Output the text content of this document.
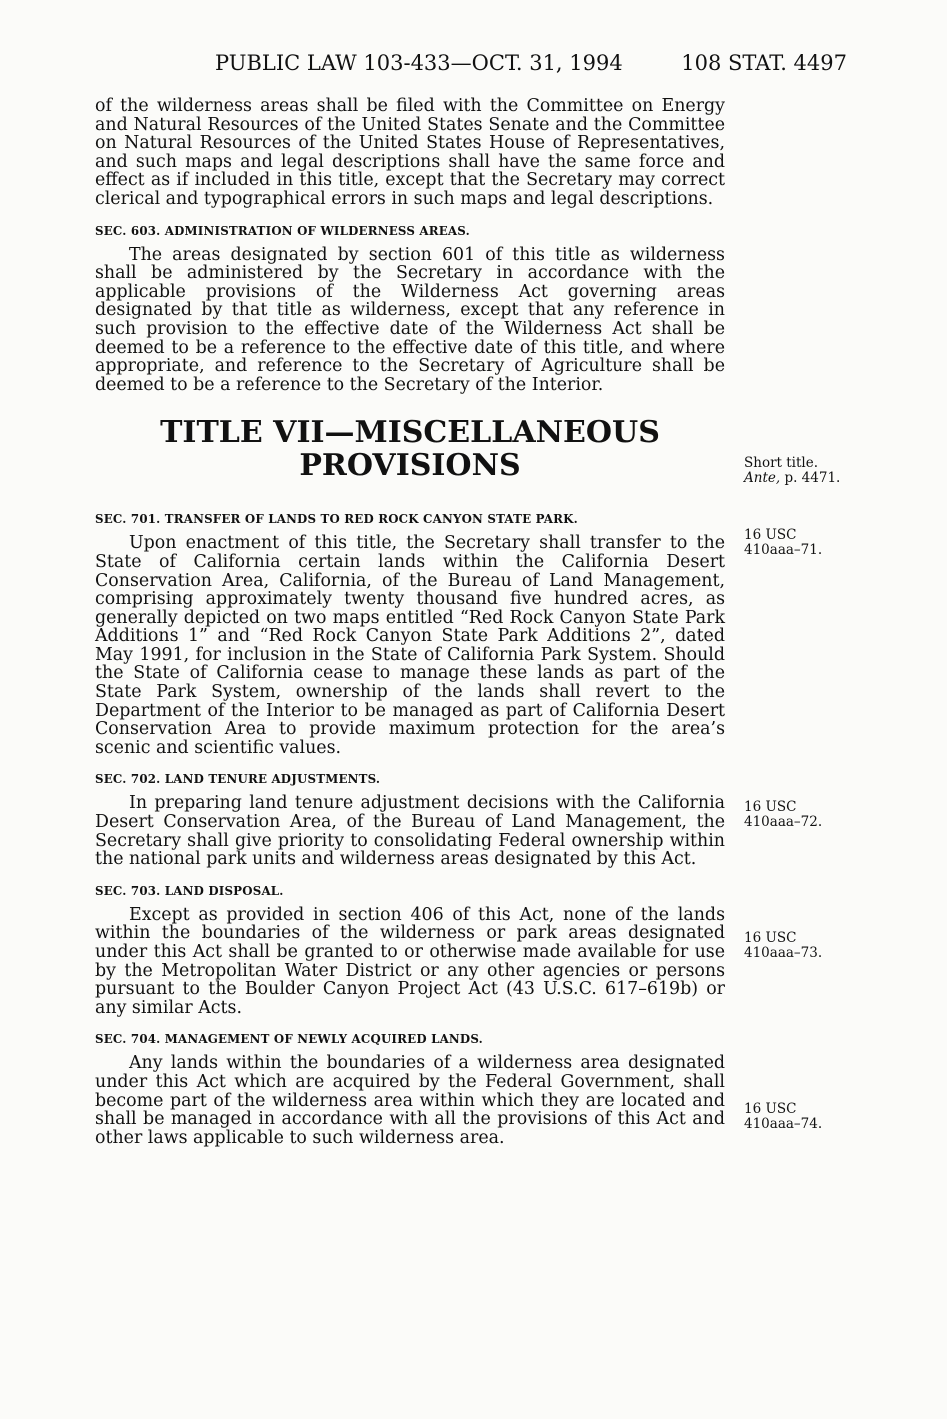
PUBLIC LAW 103-433—OCT. 31, 1994	108 STAT. 4497

of the wilderness areas shall be filed with the Committee on Energy and Natural Resources of the United States Senate and the Committee on Natural Resources of the United States House of Representatives, and such maps and legal descriptions shall have the same force and effect as if included in this title, except that the Secretary may correct clerical and typographical errors in such maps and legal descriptions.

SEC. 603. ADMINISTRATION OF WILDERNESS AREAS.

The areas designated by section 601 of this title as wilderness shall be administered by the Secretary in accordance with the applicable provisions of the Wilderness Act governing areas designated by that title as wilderness, except that any reference in such provision to the effective date of the Wilderness Act shall be deemed to be a reference to the effective date of this title, and where appropriate, and reference to the Secretary of Agriculture shall be deemed to be a reference to the Secretary of the Interior.

TITLE VII—MISCELLANEOUS
PROVISIONS
SEC. 701. TRANSFER OF LANDS TO RED ROCK CANYON STATE PARK.

Upon enactment of this title, the Secretary shall transfer to the State of California certain lands within the California Desert Conservation Area, California, of the Bureau of Land Management, comprising approximately twenty thousand five hundred acres, as generally depicted on two maps entitled “Red Rock Canyon State Park Additions 1” and “Red Rock Canyon State Park Additions 2”, dated May 1991, for inclusion in the State of California Park System. Should the State of California cease to manage these lands as part of the State Park System, ownership of the lands shall revert to the Department of the Interior to be managed as part of California Desert Conservation Area to provide maximum protection for the area’s scenic and scientific values.

SEC. 702. LAND TENURE ADJUSTMENTS.

In preparing land tenure adjustment decisions with the California Desert Conservation Area, of the Bureau of Land Management, the Secretary shall give priority to consolidating Federal ownership within the national park units and wilderness areas designated by this Act.

SEC. 703. LAND DISPOSAL.

Except as provided in section 406 of this Act, none of the lands within the boundaries of the wilderness or park areas designated under this Act shall be granted to or otherwise made available for use by the Metropolitan Water District or any other agencies or persons pursuant to the Boulder Canyon Project Act (43 U.S.C. 617–619b) or any similar Acts.

SEC. 704. MANAGEMENT OF NEWLY ACQUIRED LANDS.

Any lands within the boundaries of a wilderness area designated under this Act which are acquired by the Federal Government, shall become part of the wilderness area within which they are located and shall be managed in accordance with all the provisions of this Act and other laws applicable to such wilderness area.

Short title.
Ante, p. 4471.
16 USC
410aaa–71.
16 USC
410aaa–72.
16 USC
410aaa–73.
16 USC
410aaa–74.
